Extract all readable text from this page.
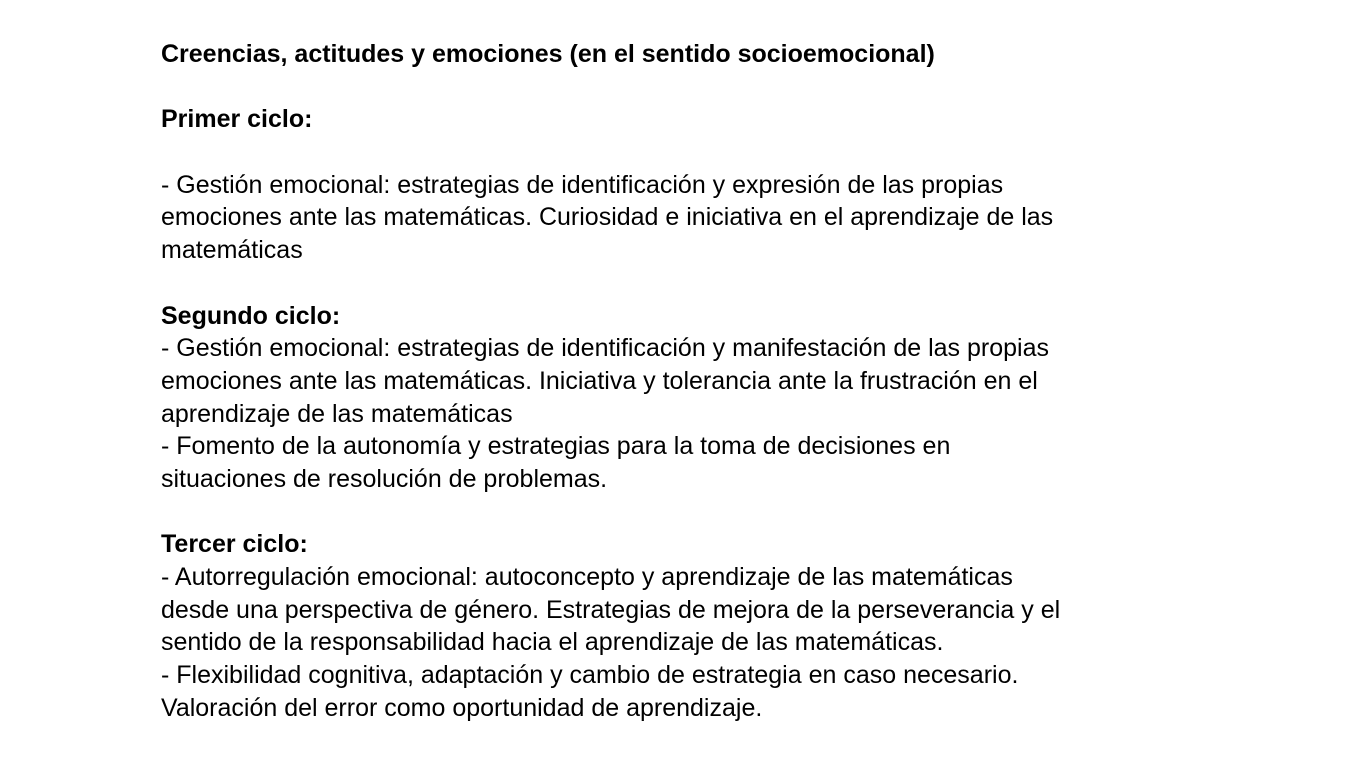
Creencias, actitudes y emociones (en el sentido socioemocional)
Primer ciclo:
- Gestión emocional: estrategias de identificación y expresión de las propias
emociones ante las matemáticas. Curiosidad e iniciativa en el aprendizaje de las
matemáticas
Segundo ciclo:
- Gestión emocional: estrategias de identificación y manifestación de las propias
emociones ante las matemáticas. Iniciativa y tolerancia ante la frustración en el
aprendizaje de las matemáticas
- Fomento de la autonomía y estrategias para la toma de decisiones en
situaciones de resolución de problemas.
Tercer ciclo:
- Autorregulación emocional: autoconcepto y aprendizaje de las matemáticas
desde una perspectiva de género. Estrategias de mejora de la perseverancia y el
sentido de la responsabilidad hacia el aprendizaje de las matemáticas.
- Flexibilidad cognitiva, adaptación y cambio de estrategia en caso necesario.
Valoración del error como oportunidad de aprendizaje.
